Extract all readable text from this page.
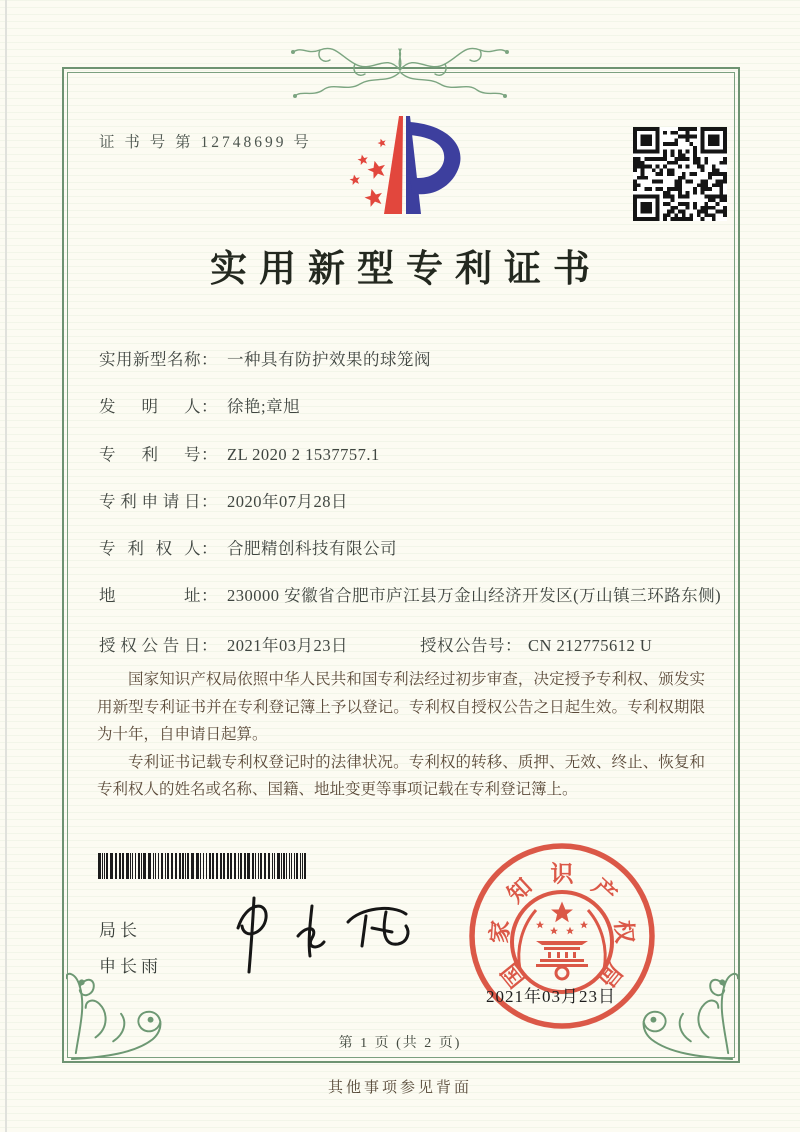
证 书 号 第 12748699 号
实用新型专利证书
实用新型名称： 一种具有防护效果的球笼阀
发明人： 徐艳;章旭
专利号： ZL 2020 2 1537757.1
专利申请日： 2020年07月28日
专利权人： 合肥精创科技有限公司
地址： 230000 安徽省合肥市庐江县万金山经济开发区(万山镇三环路东侧)
授权公告日： 2021年03月23日	授权公告号： CN 212775612 U

国家知识产权局依照中华人民共和国专利法经过初步审查，决定授予专利权、颁发实用新型专利证书并在专利登记簿上予以登记。专利权自授权公告之日起生效。专利权期限为十年，自申请日起算。

专利证书记载专利权登记时的法律状况。专利权的转移、质押、无效、终止、恢复和专利权人的姓名或名称、国籍、地址变更等事项记载在专利登记簿上。

局长
申长雨	国
家
知 识 产
权
局
2021年03月23日
第 1 页 (共 2 页)
其他事项参见背面
